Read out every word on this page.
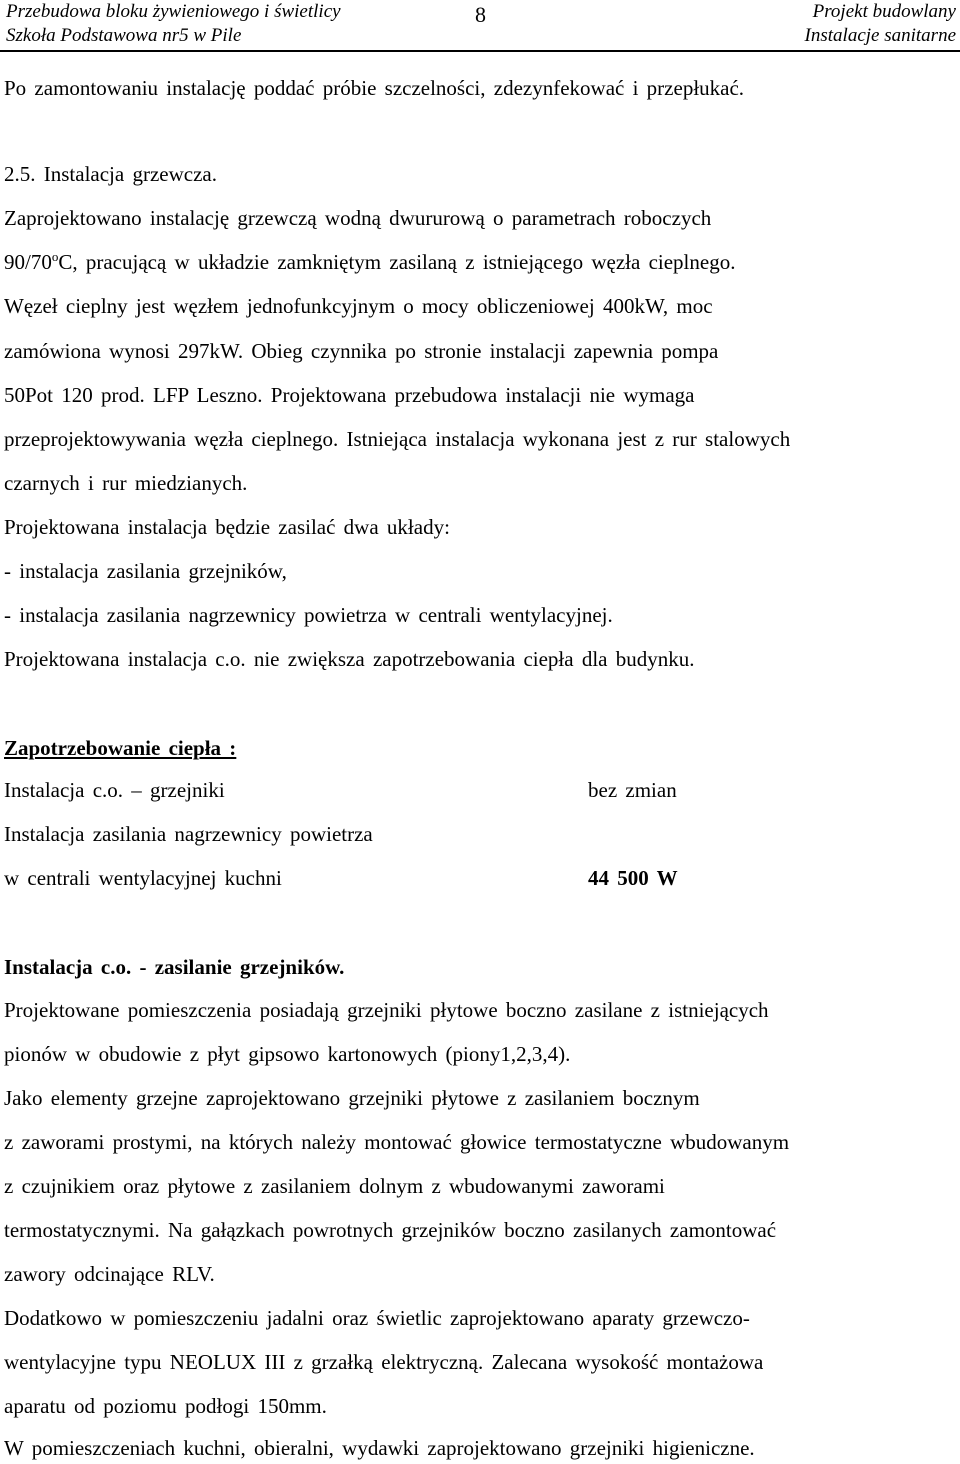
Przebudowa bloku żywieniowego i świetlicy
Szkoła Podstawowa nr5 w Pile
8	Projekt budowlany
Instalacje sanitarne
Po zamontowaniu instalację poddać próbie szczelności, zdezynfekować i przepłukać.
2.5. Instalacja grzewcza.
Zaprojektowano instalację grzewczą wodną dwururową o parametrach roboczych
90/70$^o$C, pracującą w układzie zamkniętym zasilaną z istniejącego węzła cieplnego.
Węzeł cieplny jest węzłem jednofunkcyjnym o mocy obliczeniowej 400kW, moc
zamówiona wynosi 297kW. Obieg czynnika po stronie instalacji zapewnia pompa
50Pot 120 prod. LFP Leszno. Projektowana przebudowa instalacji nie wymaga
przeprojektowywania węzła cieplnego. Istniejąca instalacja wykonana jest z rur stalowych
czarnych i rur miedzianych.
Projektowana instalacja będzie zasilać dwa układy:
- instalacja zasilania grzejników,
- instalacja zasilania nagrzewnicy powietrza w centrali wentylacyjnej.
Projektowana instalacja c.o. nie zwiększa zapotrzebowania ciepła dla budynku.
Zapotrzebowanie ciepła :
Instalacja c.o. – grzejniki	bez zmian
Instalacja zasilania nagrzewnicy powietrza
w centrali wentylacyjnej kuchni	44 500 W
Instalacja c.o. - zasilanie grzejników.
Projektowane pomieszczenia posiadają grzejniki płytowe boczno zasilane z istniejących
pionów w obudowie z płyt gipsowo kartonowych (piony1,2,3,4).
Jako elementy grzejne zaprojektowano grzejniki płytowe z zasilaniem bocznym
z zaworami prostymi, na których należy montować głowice termostatyczne wbudowanym
z czujnikiem oraz płytowe z zasilaniem dolnym z wbudowanymi zaworami
termostatycznymi. Na gałązkach powrotnych grzejników boczno zasilanych zamontować
zawory odcinające RLV.
Dodatkowo w pomieszczeniu jadalni oraz świetlic zaprojektowano aparaty grzewczo-
wentylacyjne typu NEOLUX III z grzałką elektryczną. Zalecana wysokość montażowa
aparatu od poziomu podłogi 150mm.
W pomieszczeniach kuchni, obieralni, wydawki zaprojektowano grzejniki higieniczne.
